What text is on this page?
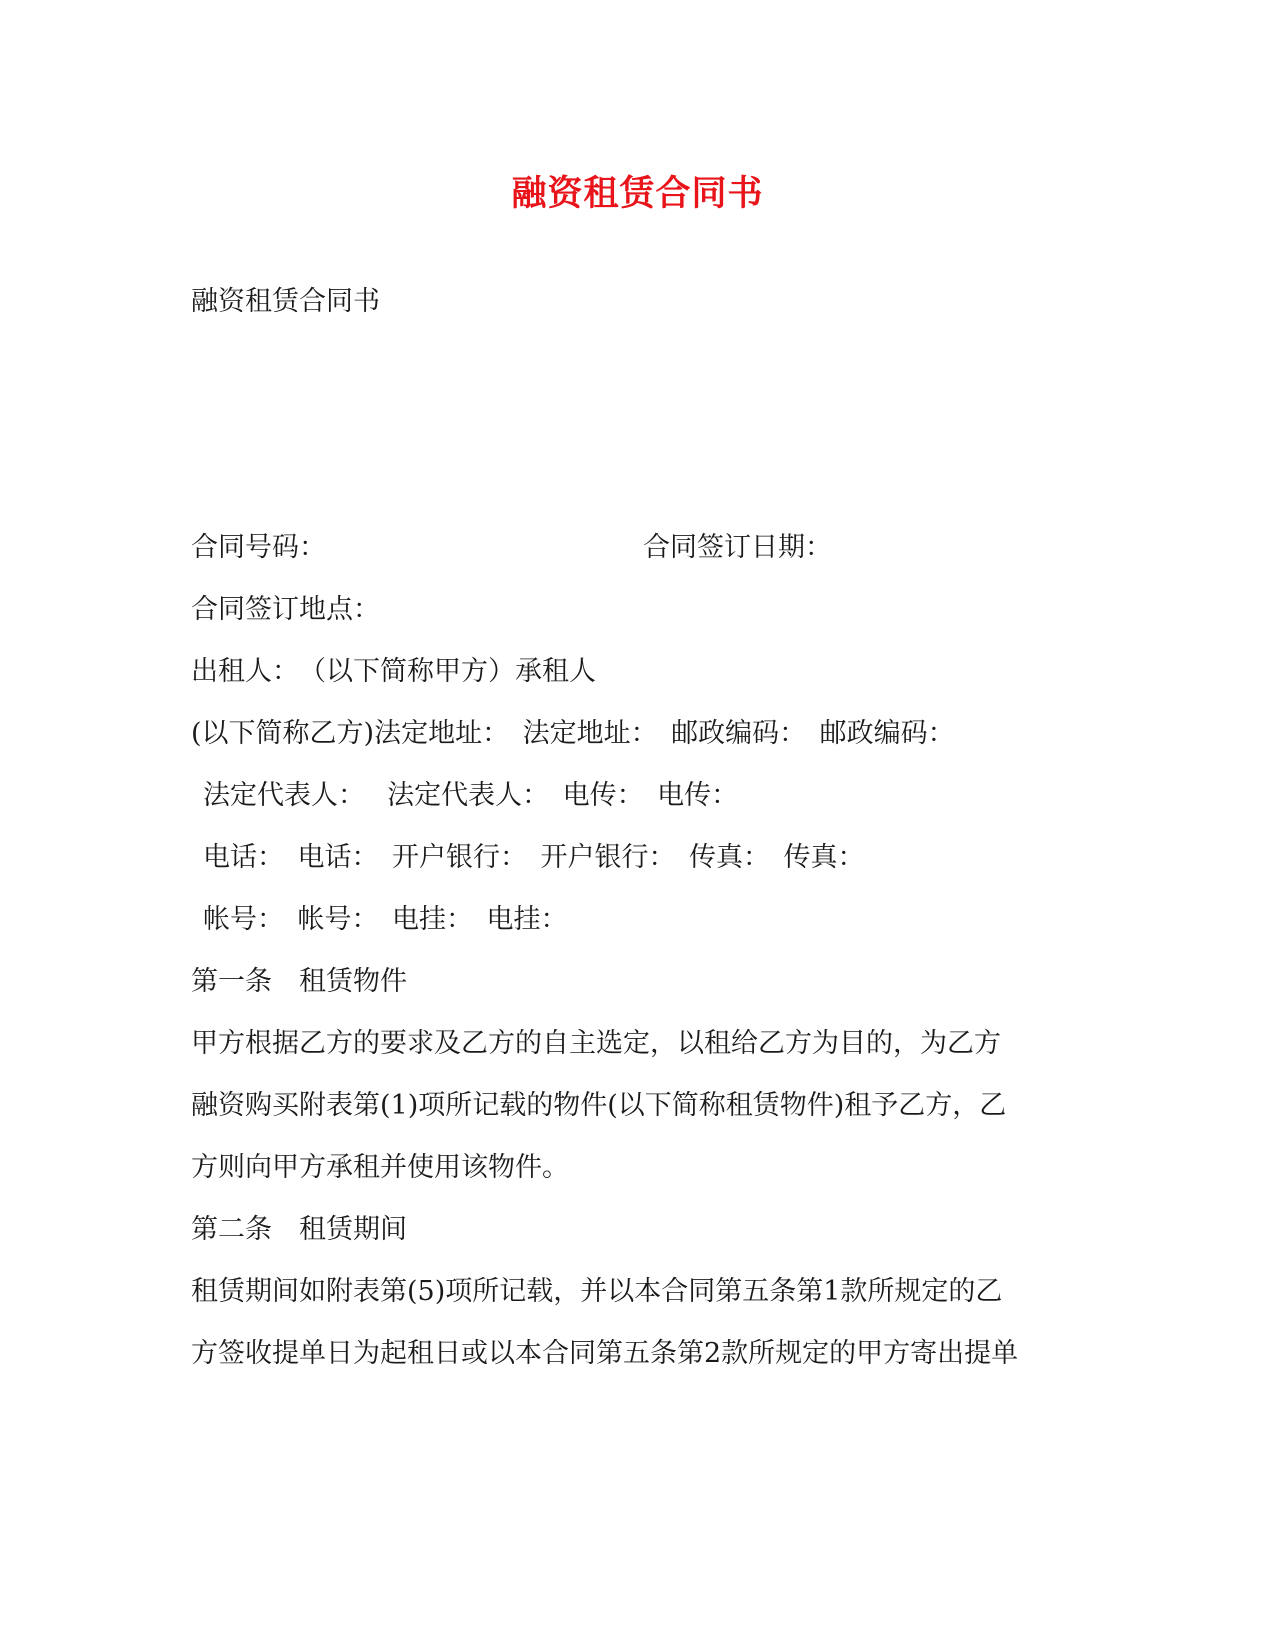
融资租赁合同书
融资租赁合同书
合同号码：	合同签订日期：
合同签订地点：
出租人：　（以下简称甲方）承租人
(以下简称乙方)法定地址：　法定地址：　邮政编码：　邮政编码：
法定代表人：　 法定代表人：　电传：　电传：
电话：　电话：　开户银行：　开户银行：　传真：　传真：
帐号：　帐号：　电挂：　电挂：
第一条　租赁物件
甲方根据乙方的要求及乙方的自主选定，以租给乙方为目的，为乙方
融资购买附表第(1)项所记载的物件(以下简称租赁物件)租予乙方，乙
方则向甲方承租并使用该物件。
第二条　租赁期间
租赁期间如附表第(5)项所记载，并以本合同第五条第1款所规定的乙
方签收提单日为起租日或以本合同第五条第2款所规定的甲方寄出提单
